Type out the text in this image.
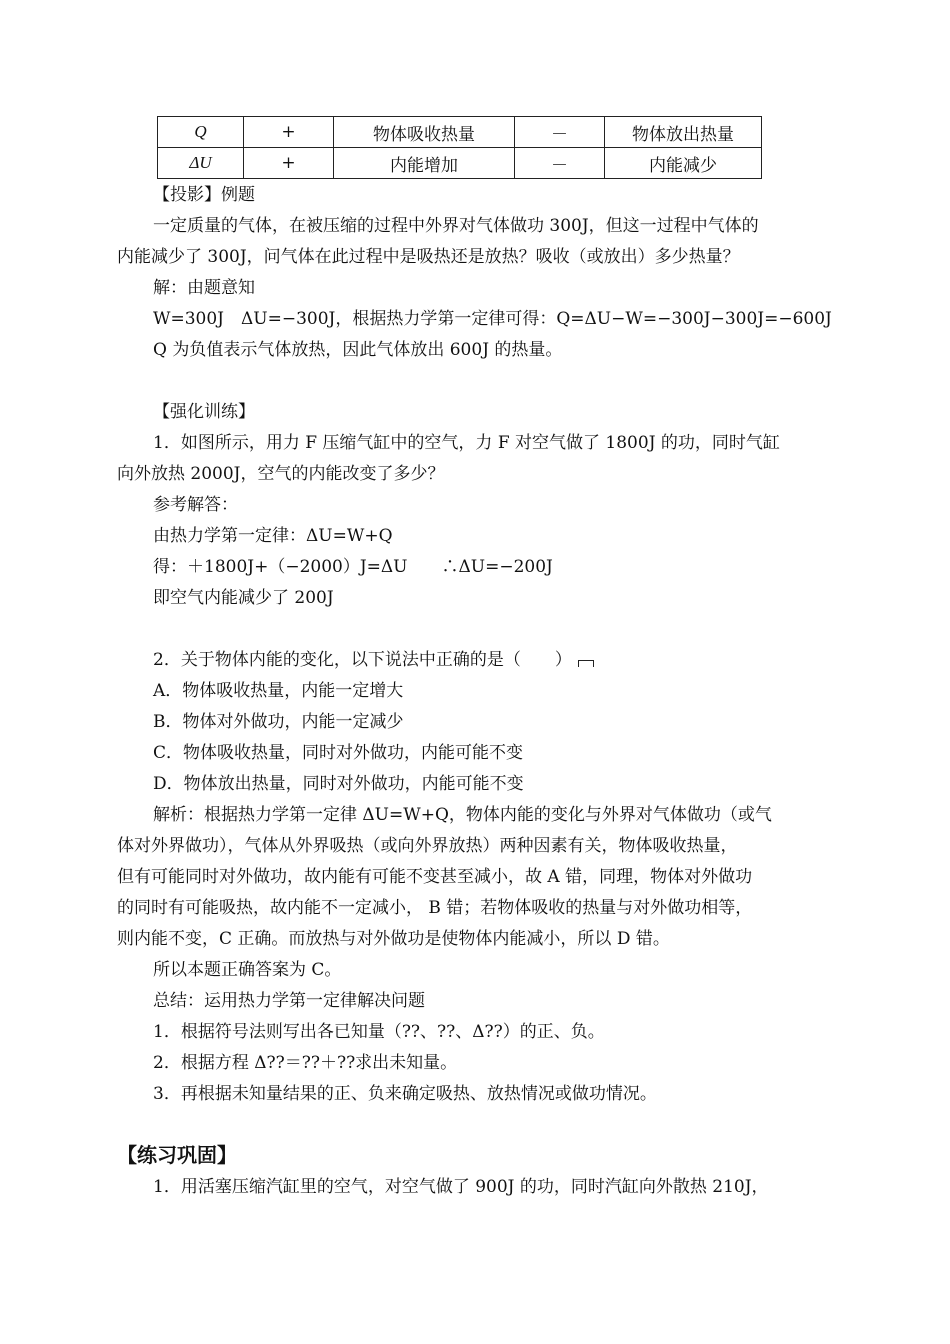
Q	+	物体吸收热量	－	物体放出热量
ΔU	+	内能增加	－	内能减少
【投影】例题
一定质量的气体，在被压缩的过程中外界对气体做功 300J，但这一过程中气体的
内能减少了 300J，问气体在此过程中是吸热还是放热？吸收（或放出）多少热量？
解：由题意知
W=300J　ΔU=−300J，根据热力学第一定律可得：Q=ΔU−W=−300J−300J=−600J
Q 为负值表示气体放热，因此气体放出 600J 的热量。
【强化训练】
1．如图所示，用力 F 压缩气缸中的空气，力 F 对空气做了 1800J 的功，同时气缸
向外放热 2000J，空气的内能改变了多少？
参考解答：
由热力学第一定律：ΔU=W+Q
得：＋1800J+（−2000）J=ΔU　　∴ΔU=−200J
即空气内能减少了 200J
2．关于物体内能的变化，以下说法中正确的是（　　）
A．物体吸收热量，内能一定增大
B．物体对外做功，内能一定减少
C．物体吸收热量，同时对外做功，内能可能不变
D．物体放出热量，同时对外做功，内能可能不变
解析：根据热力学第一定律 ΔU=W+Q，物体内能的变化与外界对气体做功（或气
体对外界做功），气体从外界吸热（或向外界放热）两种因素有关，物体吸收热量，
但有可能同时对外做功，故内能有可能不变甚至减小，故 A 错，同理，物体对外做功
的同时有可能吸热，故内能不一定减小， B 错；若物体吸收的热量与对外做功相等，
则内能不变，C 正确。而放热与对外做功是使物体内能减小，所以 D 错。
所以本题正确答案为 C。
总结：运用热力学第一定律解决问题
1．根据符号法则写出各已知量（??、??、Δ??）的正、负。
2．根据方程 Δ??＝??＋??求出未知量。
3．再根据未知量结果的正、负来确定吸热、放热情况或做功情况。
【练习巩固】
1．用活塞压缩汽缸里的空气，对空气做了 900J 的功，同时汽缸向外散热 210J，
